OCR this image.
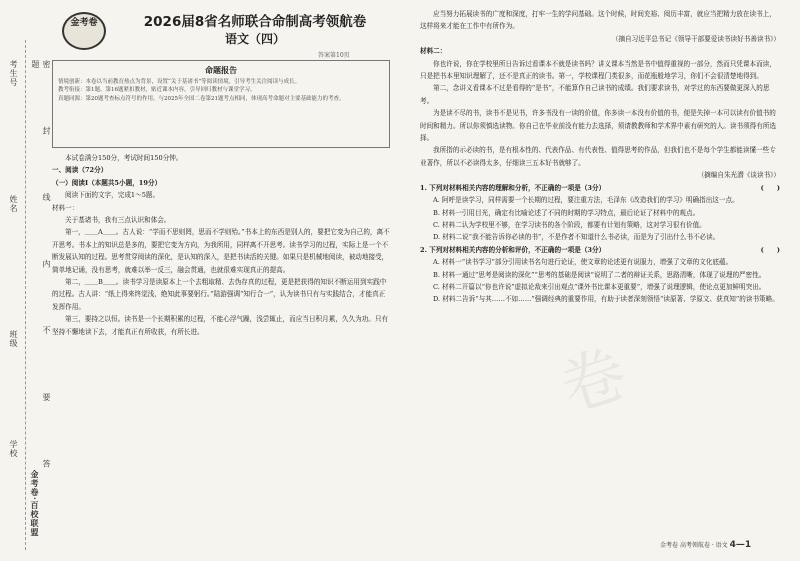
考生号
姓名
班级
学校	密 封 线 内 不 要 答 题
金考卷·百校联盟
金考卷	2026届8省名师联合命制高考领航卷
语文（四）
答案第10页
命题报告
情境创新：本卷以当前教育热点为背景，设置“关于基诸书”等阅读情境，引导考生关注阅读与成长。
教考衔接：第1题、第16题紧扣教材，贴近课本内容，引导回归教材与课堂学习。
真题同源：第20题考查标点符号的作用，与2025年全国二卷第21题考点相同，体现高考命题对主要基础能力的考查。

本试卷满分150分，考试时间150分钟。

一、阅读（72分）

（一）阅读Ⅰ（本题共5小题，19分）

阅读下面的文字，完成1～5题。

材料一：

关于基诸书，我有三点认识和体会。

第一，＿＿A＿＿。古人说：“学而不思则罔，思而不学则殆。”书本上的东西是别人的，要把它变为自己的，离不开思考。书本上的知识总是多的，要把它变为方向，为我所用，同样离不开思考。读书学习的过程，实际上是一个不断发展认知的过程。思考贯穿阅读的深化，是认知的深入，是把书读活的关键。如果只是机械地阅读，被动地接受，简单地记诵，没有思考，就难以举一反三，融会贯通，也就很难实现真正的提高。

第二，＿＿B＿＿。读书学习是读原本上一个去粗取精、去伪存真的过程，更是把获得的知识不断运用到实践中的过程。古人讲：“纸上得来终觉浅，绝知此事要躬行。”陆游强调“知行合一”，认为读书只有与实践结合，才能真正发挥作用。

第三，要持之以恒。读书是一个长期积累的过程，不能心浮气躁，浅尝辄止，而应当日积月累，久久为功。只有坚持不懈地读下去，才能真正有所收获，有所长进。

应当努力拓展读书的广度和深度，打牢一生的学问基础。这个时候，时间充裕、阅历丰富，就应当把精力放在读书上，这样将来才能在工作中有所作为。

（摘自习近平总书记《领导干部要爱读书读好书善读书》）

材料二：

你也许说，你在学校里所日告诉过看课本不就是读书吗？讲义课本当然是书中值得重视的一部分，然而只凭课本而读，只是把书本里知识理解了，还不是真正的读书。第一，学校课程门类很多，而花瓶般地学习，你们不会很清楚地得到。

第二，念讲义看课本不过是看得的“是书”，不能算作自己读书的成绩。我们要求读书，对学过的东西要做更深入的思考。

为是读不尽的书，读书不是见书，许多书没有一读的价值，你多读一本没有价值的书，便是失掉一本可以读有价值书的时间和精力。所以你须慎选读物。你自己在毕业前没有能力去选择，须请教教师和学术界中素有研究的人。读书须得有所选择。

我所指的示必读的书，是有根本性的、代表作品、有代表性、值得思考的作品，但我们也不是每个学生都能读懂一些专业著作，所以不必读得太多，仔细读三五本好书就够了。

（摘编自朱光潜《谈读书》）

1. 下列对材料相关内容的理解和分析，不正确的一项是（3分）	(　　)

A. 阿呼是读学习，同样需要一个长期的过程，要注重方法，毛泽东《改造我们的学习》明确指出这一点。

B. 材料一引用目光，确定有比喻论述了不同的时期的学习特点，最后论证了材料中的观点。

C. 材料二认为学校里不够，在学习读书的各个阶段，都要有计划有策略，这对学习很有价值。

D. 材料二说“我不能告诉你必读的书”，不是作者不知道什么书必读，而是为了引出什么书不必读。

2. 下列对材料相关内容的分析和评价，不正确的一项是（3分）	(　　)

A. 材料一“读书学习”部分引用读书名句进行论证，使文章的论述更有说服力，增强了文章的文化底蕴。

B. 材料一通过“思考是阅读的深化”“思考的基础是阅读”说明了二者的辩证关系，思路清晰，体现了说理的严密性。

C. 材料二开篇以“你也许说”虚拟论敌来引出观点“课外书比课本更重要”，增强了说理逻辑，使论点更加鲜明突出。

D. 材料二告诉“与其……不如……”强调经典的重要作用，有助于读者深刻领悟“读原著、学原文、获真知”的读书策略。

卷
金考卷 高考领航卷 · 语文 4—1
